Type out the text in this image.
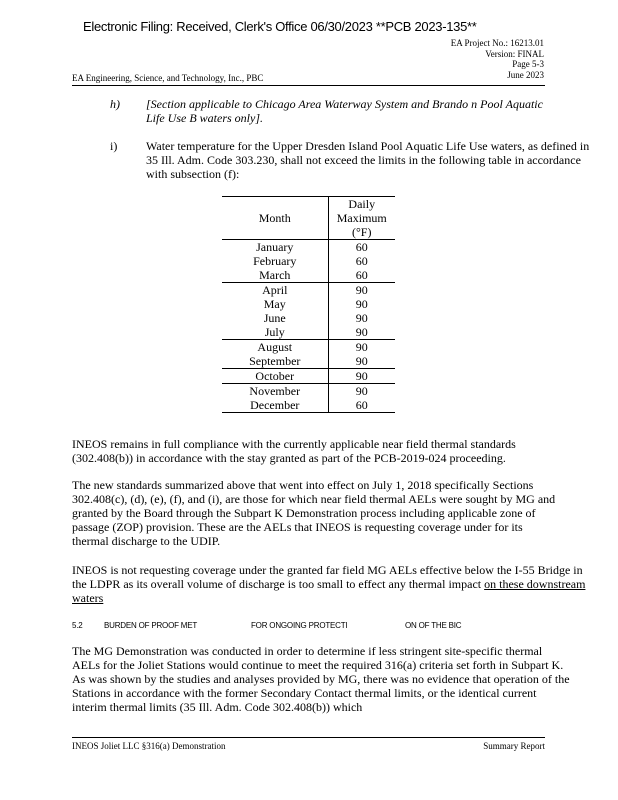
Electronic Filing: Received, Clerk's Office 06/30/2023 **PCB 2023-135**
EA Project No.: 16213.01
Version: FINAL
Page 5-3
June 2023
EA Engineering, Science, and Technology, Inc., PBC
h) [Section applicable to Chicago Area Waterway System and Brando n Pool Aquatic Life Use B waters only].
i) Water temperature for the Upper Dresden Island Pool Aquatic Life Use waters, as defined in 35 Ill. Adm. Code 303.230, shall not exceed the limits in the following table in accordance with subsection (f):
Month	Daily Maximum (°F)
January	60
February	60
March	60
April	90
May	90
June	90
July	90
August	90
September	90
October	90
November	90
December	60
INEOS remains in full compliance with the currently applicable near field thermal standards (302.408(b)) in accordance with the stay granted as part of the PCB-2019-024 proceeding.
The new standards summarized above that went into effect on July 1, 2018 specifically Sections 302.408(c), (d), (e), (f), and (i), are those for which near field thermal AELs were sought by MG and granted by the Board through the Subpart K Demonstration process including applicable zone of passage (ZOP) provision. These are the AELs that INEOS is requesting coverage under for its thermal discharge to the UDIP.
INEOS is not requesting coverage under the granted far field MG AELs effective below the I-55 Bridge in the LDPR as its overall volume of discharge is too small to effect any thermal impact on these downstream waters
5.2	BURDEN OF PROOF MET	FOR ONGOING PROTECTI	ON OF THE BIC
The MG Demonstration was conducted in order to determine if less stringent site-specific thermal AELs for the Joliet Stations would continue to meet the required 316(a) criteria set forth in Subpart K. As was shown by the studies and analyses provided by MG, there was no evidence that operation of the Stations in accordance with the former Secondary Contact thermal limits, or the identical current interim thermal limits (35 Ill. Adm. Code 302.408(b)) which
INEOS Joliet LLC §316(a) Demonstration	Summary Report
